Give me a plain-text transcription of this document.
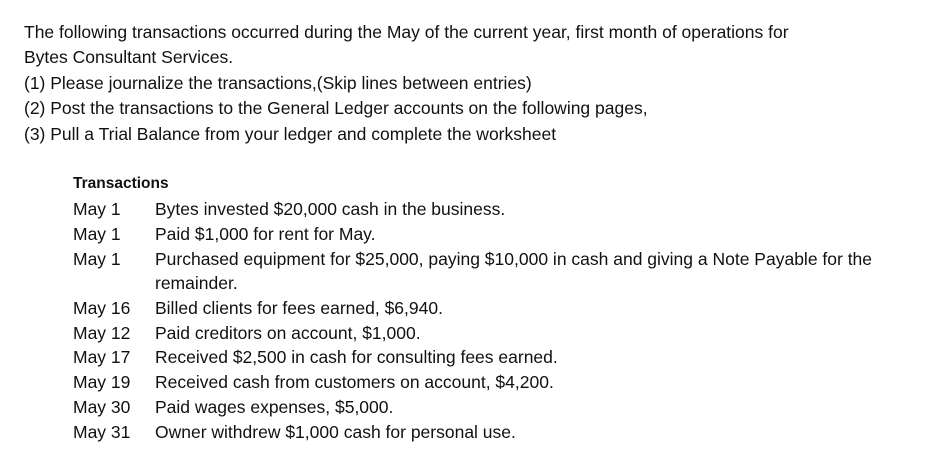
The following transactions occurred during the May of the current year, first month of operations for
Bytes Consultant Services.
(1) Please journalize the transactions,(Skip lines between entries)
(2) Post the transactions to the General Ledger accounts on the following pages,
(3) Pull a Trial Balance from your ledger and complete the worksheet
Transactions
May 1	Bytes invested $20,000 cash in the business.
May 1	Paid $1,000 for rent for May.
May 1	Purchased equipment for $25,000, paying $10,000 in cash and giving a Note Payable for the remainder.
May 16	Billed clients for fees earned, $6,940.
May 12	Paid creditors on account, $1,000.
May 17	Received $2,500 in cash for consulting fees earned.
May 19	Received cash from customers on account, $4,200.
May 30	Paid wages expenses, $5,000.
May 31	Owner withdrew $1,000 cash for personal use.
